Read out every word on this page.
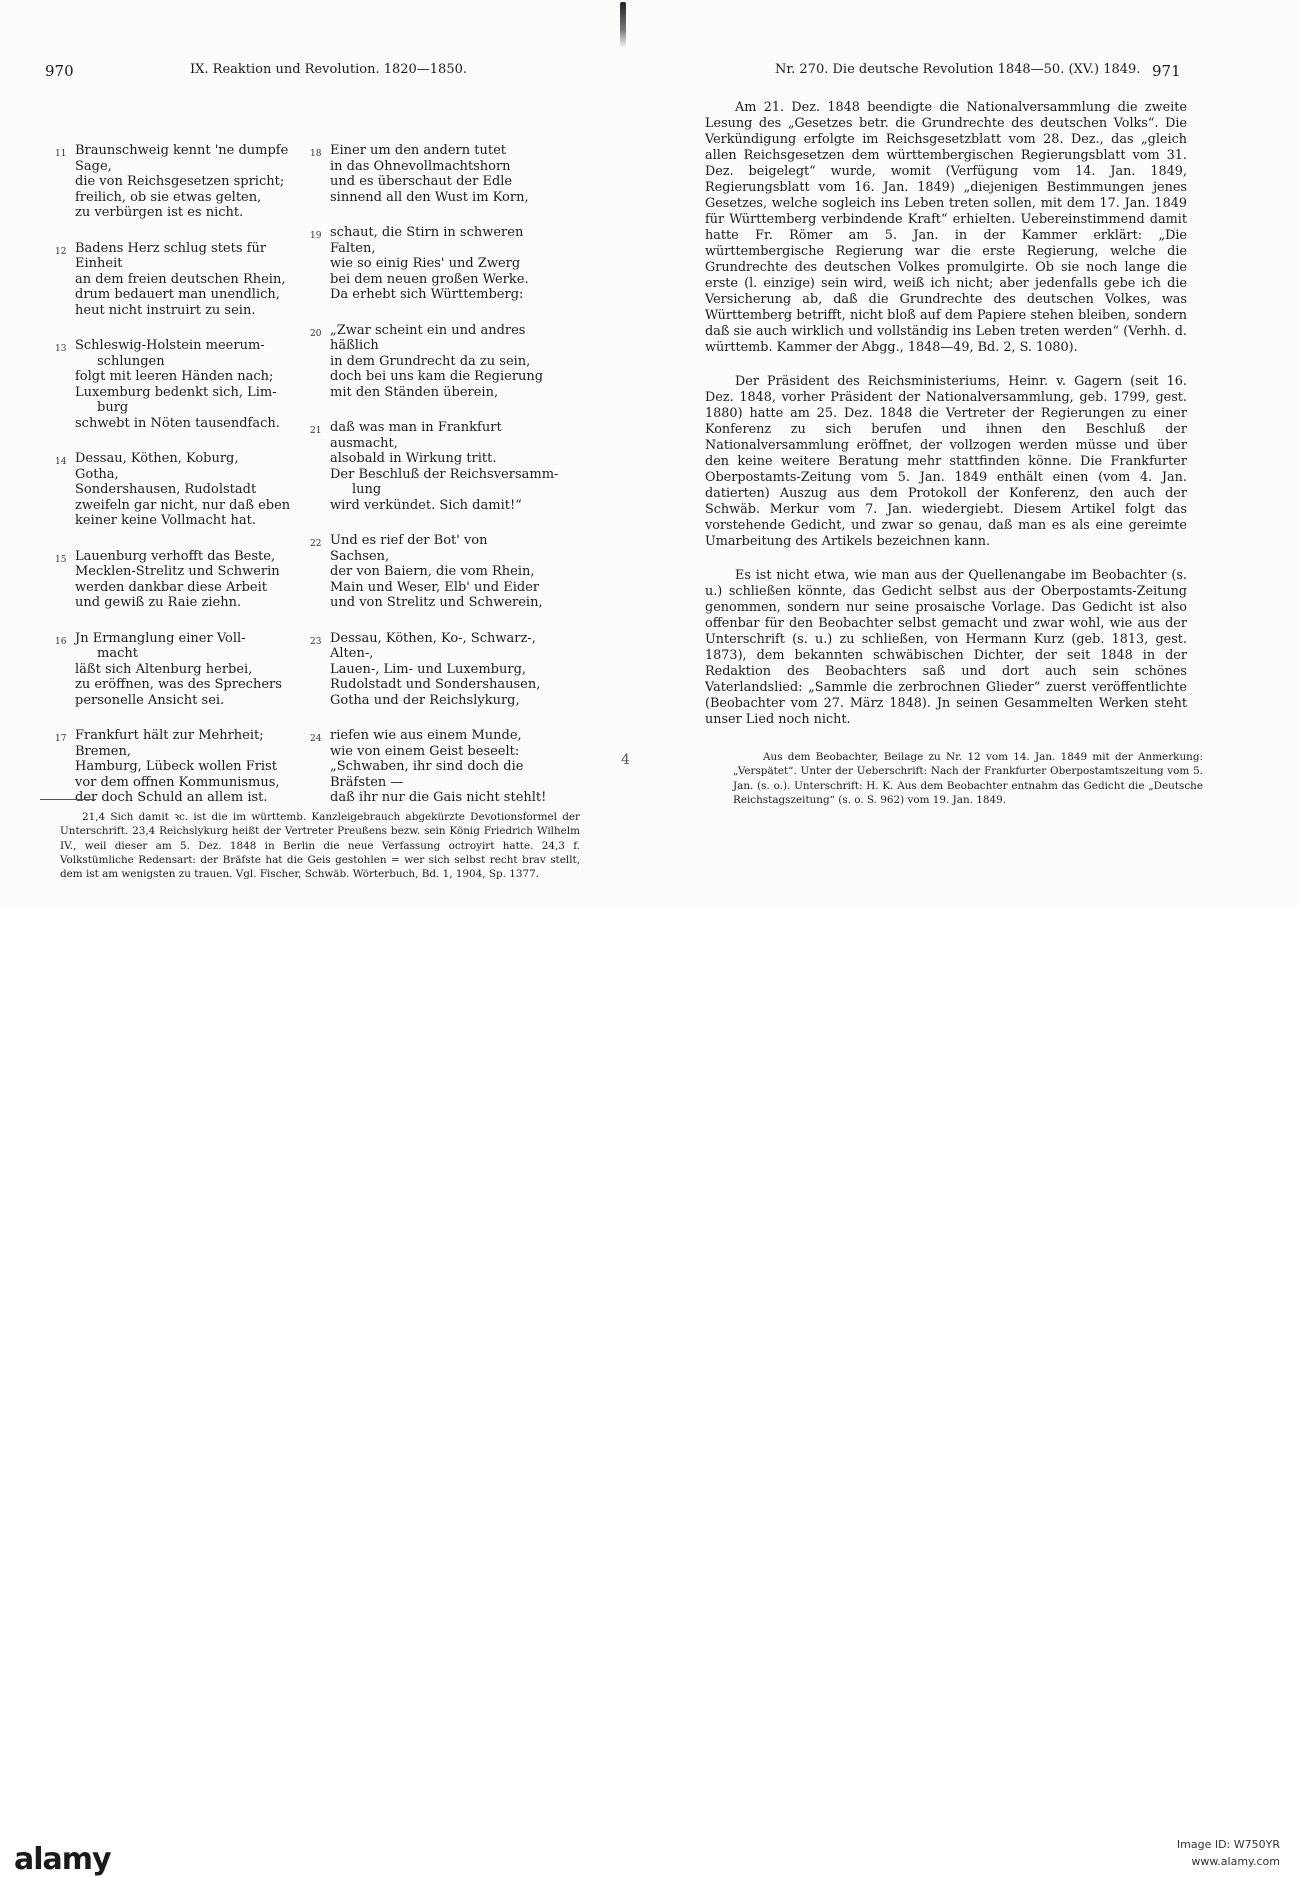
970	IX. Reaktion und Revolution. 1820—1850.
11 Braunschweig kennt 'ne dumpfe
Sage,
die von Reichsgesetzen spricht;
freilich, ob sie etwas gelten,
zu verbürgen ist es nicht.
12 Badens Herz schlug stets für
Einheit
an dem freien deutschen Rhein,
drum bedauert man unendlich,
heut nicht instruirt zu sein.
13 Schleswig-Holstein meerum-
schlungen
folgt mit leeren Händen nach;
Luxemburg bedenkt sich, Lim-
burg
schwebt in Nöten tausendfach.
14 Dessau, Köthen, Koburg,
Gotha,
Sondershausen, Rudolstadt
zweifeln gar nicht, nur daß eben
keiner keine Vollmacht hat.
15 Lauenburg verhofft das Beste,
Mecklen-Strelitz und Schwerin
werden dankbar diese Arbeit
und gewiß zu Raie ziehn.
16 Jn Ermanglung einer Voll-
macht
läßt sich Altenburg herbei,
zu eröffnen, was des Sprechers
personelle Ansicht sei.
17 Frankfurt hält zur Mehrheit;
Bremen,
Hamburg, Lübeck wollen Frist
vor dem offnen Kommunismus,
der doch Schuld an allem ist.
18 Einer um den andern tutet
in das Ohnevollmachtshorn
und es überschaut der Edle
sinnend all den Wust im Korn,
19 schaut, die Stirn in schweren
Falten,
wie so einig Ries' und Zwerg
bei dem neuen großen Werke.
Da erhebt sich Württemberg:
20 „Zwar scheint ein und andres
häßlich
in dem Grundrecht da zu sein,
doch bei uns kam die Regierung
mit den Ständen überein,
21 daß was man in Frankfurt
ausmacht,
alsobald in Wirkung tritt.
Der Beschluß der Reichsversamm-
lung
wird verkündet. Sich damit!“
22 Und es rief der Bot' von
Sachsen,
der von Baiern, die vom Rhein,
Main und Weser, Elb' und Eider
und von Strelitz und Schwerein,
23 Dessau, Köthen, Ko-, Schwarz-,
Alten-,
Lauen-, Lim- und Luxemburg,
Rudolstadt und Sondershausen,
Gotha und der Reichslykurg,
24 riefen wie aus einem Munde,
wie von einem Geist beseelt:
„Schwaben, ihr sind doch die
Bräfsten —
daß ihr nur die Gais nicht stehlt!
21,4 Sich damit ꝛc. ist die im württemb. Kanzleigebrauch abgekürzte Devotionsformel der Unterschrift. 23,4 Reichslykurg heißt der Vertreter Preußens bezw. sein König Friedrich Wilhelm IV., weil dieser am 5. Dez. 1848 in Berlin die neue Verfassung octroyirt hatte. 24,3 f. Volkstümliche Redensart: der Bräfste hat die Geis gestohlen = wer sich selbst recht brav stellt, dem ist am wenigsten zu trauen. Vgl. Fischer, Schwäb. Wörterbuch, Bd. 1, 1904, Sp. 1377.
4
Nr. 270. Die deutsche Revolution 1848—50. (XV.) 1849. 971

Am 21. Dez. 1848 beendigte die Nationalversammlung die zweite Lesung des „Gesetzes betr. die Grundrechte des deutschen Volks“. Die Verkündigung erfolgte im Reichsgesetzblatt vom 28. Dez., das „gleich allen Reichsgesetzen dem württembergischen Regierungsblatt vom 31. Dez. beigelegt“ wurde, womit (Verfügung vom 14. Jan. 1849, Regierungsblatt vom 16. Jan. 1849) „diejenigen Bestimmungen jenes Gesetzes, welche sogleich ins Leben treten sollen, mit dem 17. Jan. 1849 für Württemberg verbindende Kraft“ erhielten. Uebereinstimmend damit hatte Fr. Römer am 5. Jan. in der Kammer erklärt: „Die württembergische Regierung war die erste Regierung, welche die Grundrechte des deutschen Volkes promulgirte. Ob sie noch lange die erste (l. einzige) sein wird, weiß ich nicht; aber jedenfalls gebe ich die Versicherung ab, daß die Grundrechte des deutschen Volkes, was Württemberg betrifft, nicht bloß auf dem Papiere stehen bleiben, sondern daß sie auch wirklich und vollständig ins Leben treten werden“ (Verhh. d. württemb. Kammer der Abgg., 1848—49, Bd. 2, S. 1080).

Der Präsident des Reichsministeriums, Heinr. v. Gagern (seit 16. Dez. 1848, vorher Präsident der Nationalversammlung, geb. 1799, gest. 1880) hatte am 25. Dez. 1848 die Vertreter der Regierungen zu einer Konferenz zu sich berufen und ihnen den Beschluß der Nationalversammlung eröffnet, der vollzogen werden müsse und über den keine weitere Beratung mehr stattfinden könne. Die Frankfurter Oberpostamts-Zeitung vom 5. Jan. 1849 enthält einen (vom 4. Jan. datierten) Auszug aus dem Protokoll der Konferenz, den auch der Schwäb. Merkur vom 7. Jan. wiedergiebt. Diesem Artikel folgt das vorstehende Gedicht, und zwar so genau, daß man es als eine gereimte Umarbeitung des Artikels bezeichnen kann.

Es ist nicht etwa, wie man aus der Quellenangabe im Beobachter (s. u.) schließen könnte, das Gedicht selbst aus der Oberpostamts-Zeitung genommen, sondern nur seine prosaische Vorlage. Das Gedicht ist also offenbar für den Beobachter selbst gemacht und zwar wohl, wie aus der Unterschrift (s. u.) zu schließen, von Hermann Kurz (geb. 1813, gest. 1873), dem bekannten schwäbischen Dichter, der seit 1848 in der Redaktion des Beobachters saß und dort auch sein schönes Vaterlandslied: „Sammle die zerbrochnen Glieder“ zuerst veröffentlichte (Beobachter vom 27. März 1848). Jn seinen Gesammelten Werken steht unser Lied noch nicht.

Aus dem Beobachter, Beilage zu Nr. 12 vom 14. Jan. 1849 mit der Anmerkung: „Verspätet“. Unter der Ueberschrift: Nach der Frankfurter Oberpostamtszeitung vom 5. Jan. (s. o.). Unterschrift: H. K. Aus dem Beobachter entnahm das Gedicht die „Deutsche Reichstagszeitung“ (s. o. S. 962) vom 19. Jan. 1849.
alamy	Image ID: W750YR
www.alamy.com
